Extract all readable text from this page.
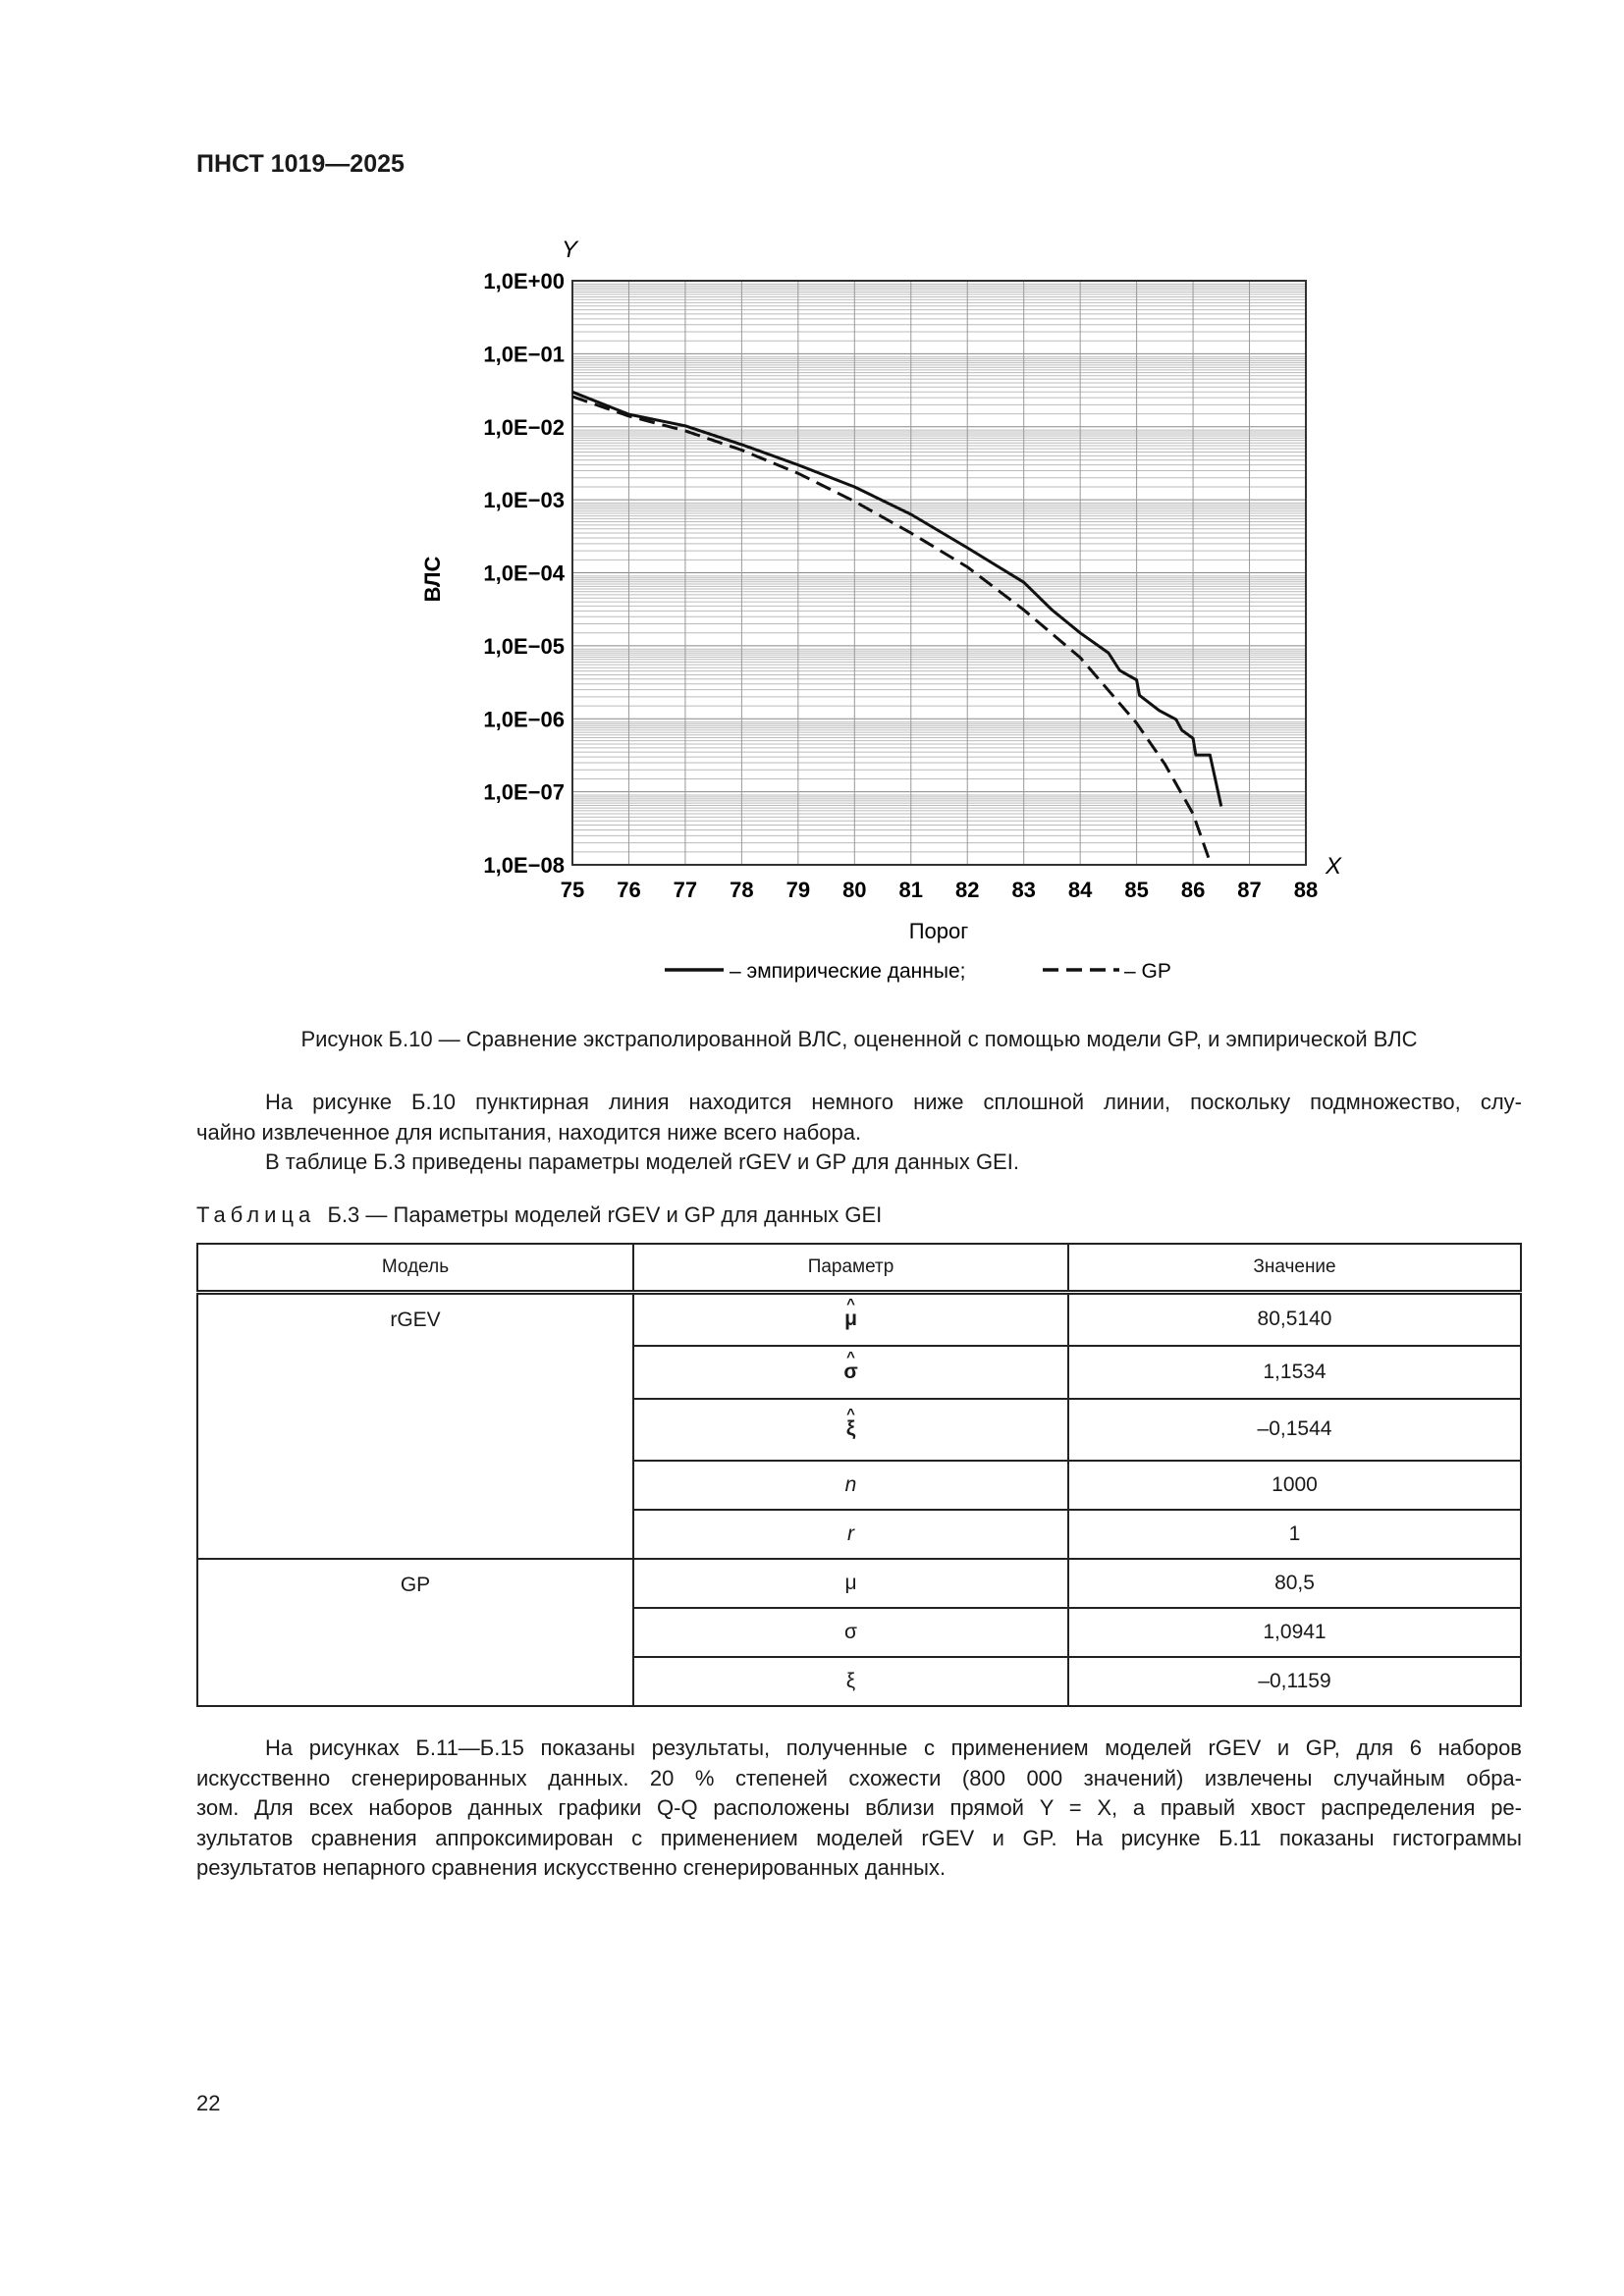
ПНСТ 1019—2025
1,0E+00
1,0E−01
1,0E−02
1,0E−03
1,0E−04
1,0E−05
1,0E−06
1,0E−07
1,0E−08
75 76 77 78 79 80 81 82 83 84 85 86 87 88
Y
X
ВЛС
Порог
– эмпирические данные;	– GP
Рисунок Б.10 — Сравнение экстраполированной ВЛС, оцененной с помощью модели GP, и эмпирической ВЛС
На рисунке Б.10 пунктирная линия находится немного ниже сплошной линии, поскольку подмножество, слу-
чайно извлеченное для испытания, находится ниже всего набора.
В таблице Б.3 приведены параметры моделей rGEV и GP для данных GEI.
Таблица Б.3 — Параметры моделей rGEV и GP для данных GEI
Модель	Параметр	Значение
rGEV	^ μ	80,5140
	^ σ	1,1534
	^ ξ	–0,1544
	n	1000
	r	1
GP	μ	80,5
	σ	1,0941
	ξ	–0,1159
На рисунках Б.11—Б.15 показаны результаты, полученные с применением моделей rGEV и GP, для 6 наборов
искусственно сгенерированных данных. 20 % степеней схожести (800 000 значений) извлечены случайным обра-
зом. Для всех наборов данных графики Q-Q расположены вблизи прямой Y = X, а правый хвост распределения ре-
зультатов сравнения аппроксимирован с применением моделей rGEV и GP. На рисунке Б.11 показаны гистограммы
результатов непарного сравнения искусственно сгенерированных данных.
22
